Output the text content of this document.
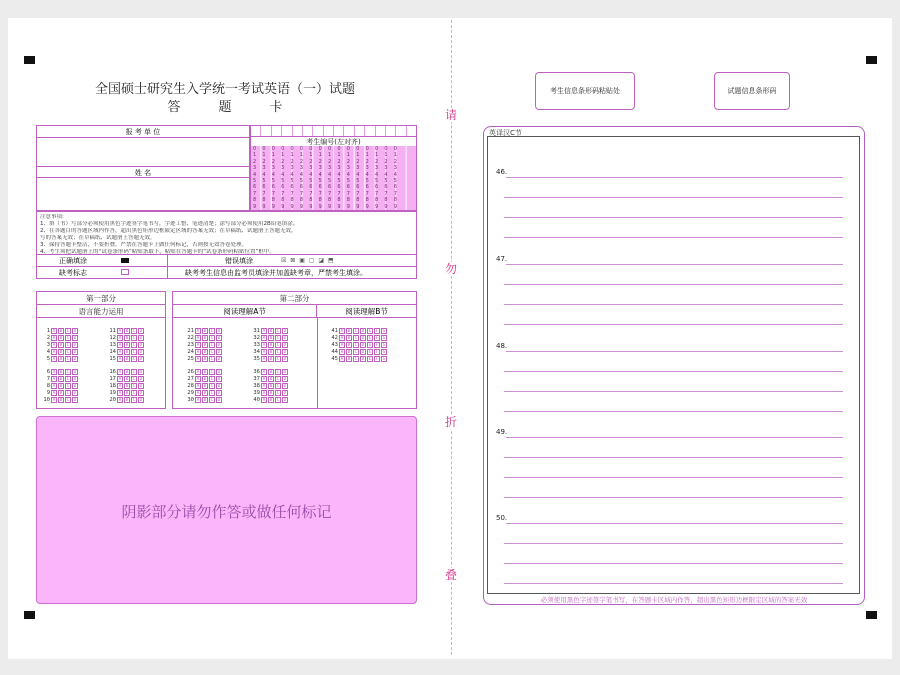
请
勿
折
叠
全国硕士研究生入学统一考试英语（一）试题
答题卡
报 考 单 位
姓 名
考生编号(左对齐)
0000000000000000
1111111111111111
2222222222222222
3333333333333333
4444444444444444
5555555555555555
6666666666666666
7777777777777777
8888888888888888
9999999999999999
注意事项:
1、填（书）写部分必须使用黑色字迹签字笔书写，字迹工整、笔迹清楚；涂写部分必须使用2B铅笔填涂。
2、在各题目的答题区域内作答，超出黑色矩形边框限定区域的答案无效；在草稿纸、试题册上答题无效。
写的答案无效；在草稿纸、试题册上答题无效。
3、保持答题卡整洁，不要折叠，严禁在答题卡上做任何标记，否则按无效答卷处理。
4、考生须把试题册上的“试卷条形码”粘贴条取下，粘贴在答题卡的“试卷条形码粘贴位置”框中。
正确填涂	错误填涂	☒ ⊠ ▣ ▢ ◪ ⬒
缺考标志	缺考考生信息由监考员填涂并加盖缺考章，严禁考生填涂。
第一部分
语言能力运用
1 A B C D
2 A B C D
3 A B C D
4 A B C D
5 A B C D
6 A B C D
7 A B C D
8 A B C D
9 A B C D
10 A B C D
11 A B C D
12 A B C D
13 A B C D
14 A B C D
15 A B C D
16 A B C D
17 A B C D
18 A B C D
19 A B C D
20 A B C D
第二部分
阅读理解A节	阅读理解B节
21 A B C D
22 A B C D
23 A B C D
24 A B C D
25 A B C D
26 A B C D
27 A B C D
28 A B C D
29 A B C D
30 A B C D
31 A B C D
32 A B C D
33 A B C D
34 A B C D
35 A B C D
36 A B C D
37 A B C D
38 A B C D
39 A B C D
40 A B C D
41 A B C D E F G
42 A B C D E F G
43 A B C D E F G
44 A B C D E F G
45 A B C D E F G
阴影部分请勿作答或做任何标记
考生信息条形码粘贴处	试题信息条形码
英译汉C节
46.
47.
48.
49.
50.
必须使用黑色字迹签字笔书写，在答题卡区域内作答，超出黑色矩形边框限定区域的答案无效
